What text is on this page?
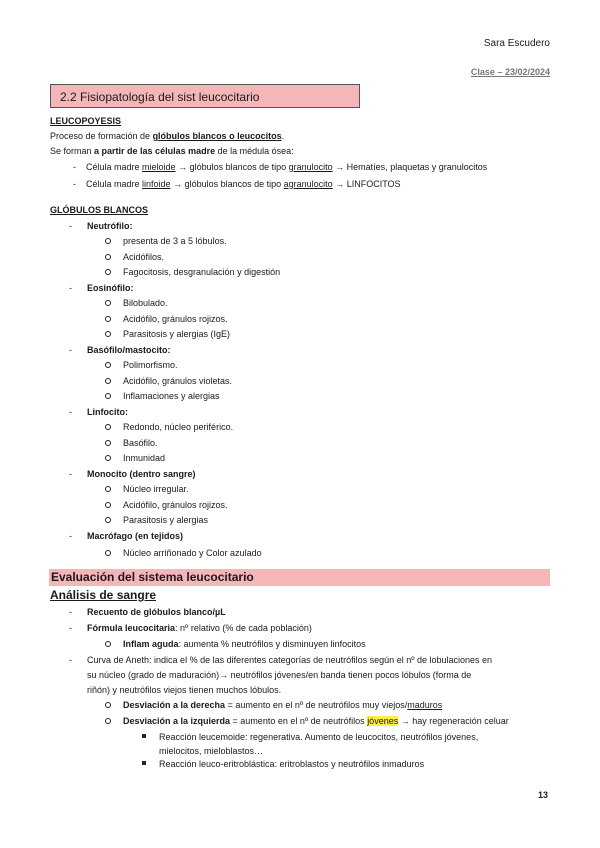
Sara Escudero
Clase – 23/02/2024
2.2 Fisiopatología del sist leucocitario
LEUCOPOYESIS
Proceso de formación de glóbulos blancos o leucocitos.
Se forman a partir de las células madre de la médula ósea:
- Célula madre mieloide → glóbulos blancos de tipo granulocito → Hematíes, plaquetas y granulocitos
- Célula madre linfoide → glóbulos blancos de tipo agranulocito → LINFOCITOS
GLÓBULOS BLANCOS
- Neutrófilo:
presenta de 3 a 5 lóbulos.
Acidófilos.
Fagocitosis, desgranulación y digestión
- Eosinófilo:
Bilobulado.
Acidófilo, gránulos rojizos.
Parasitosis y alergias (IgE)
- Basófilo/mastocito:
Polimorfismo.
Acidófilo, gránulos violetas.
Inflamaciones y alergias
- Linfocito:
Redondo, núcleo periférico.
Basófilo.
Inmunidad
- Monocito (dentro sangre)
Núcleo irregular.
Acidófilo, gránulos rojizos.
Parasitosis y alergias
- Macrófago (en tejidos)
Núcleo arriñonado y Color azulado
Evaluación del sistema leucocitario
Análisis de sangre
- Recuento de glóbulos blanco/µL
- Fórmula leucocitaria: nº relativo (% de cada población)
Inflam aguda: aumenta % neutrófilos y disminuyen linfocitos
- Curva de Aneth: indica el % de las diferentes categorías de neutrófilos según el nº de lobulaciones en
su núcleo (grado de maduración)→ neutrófilos jóvenes/en banda tienen pocos lóbulos (forma de
riñón) y neutrófilos viejos tienen muchos lóbulos.
Desviación a la derecha = aumento en el nº de neutrófilos muy viejos/maduros
Desviación a la izquierda = aumento en el nº de neutrófilos jóvenes → hay regeneración celuar
Reacción leucemoide: regenerativa. Aumento de leucocitos, neutrófilos jóvenes,
mielocitos, mieloblastos…
Reacción leuco-eritroblástica: eritroblastos y neutrófilos inmaduros
13
